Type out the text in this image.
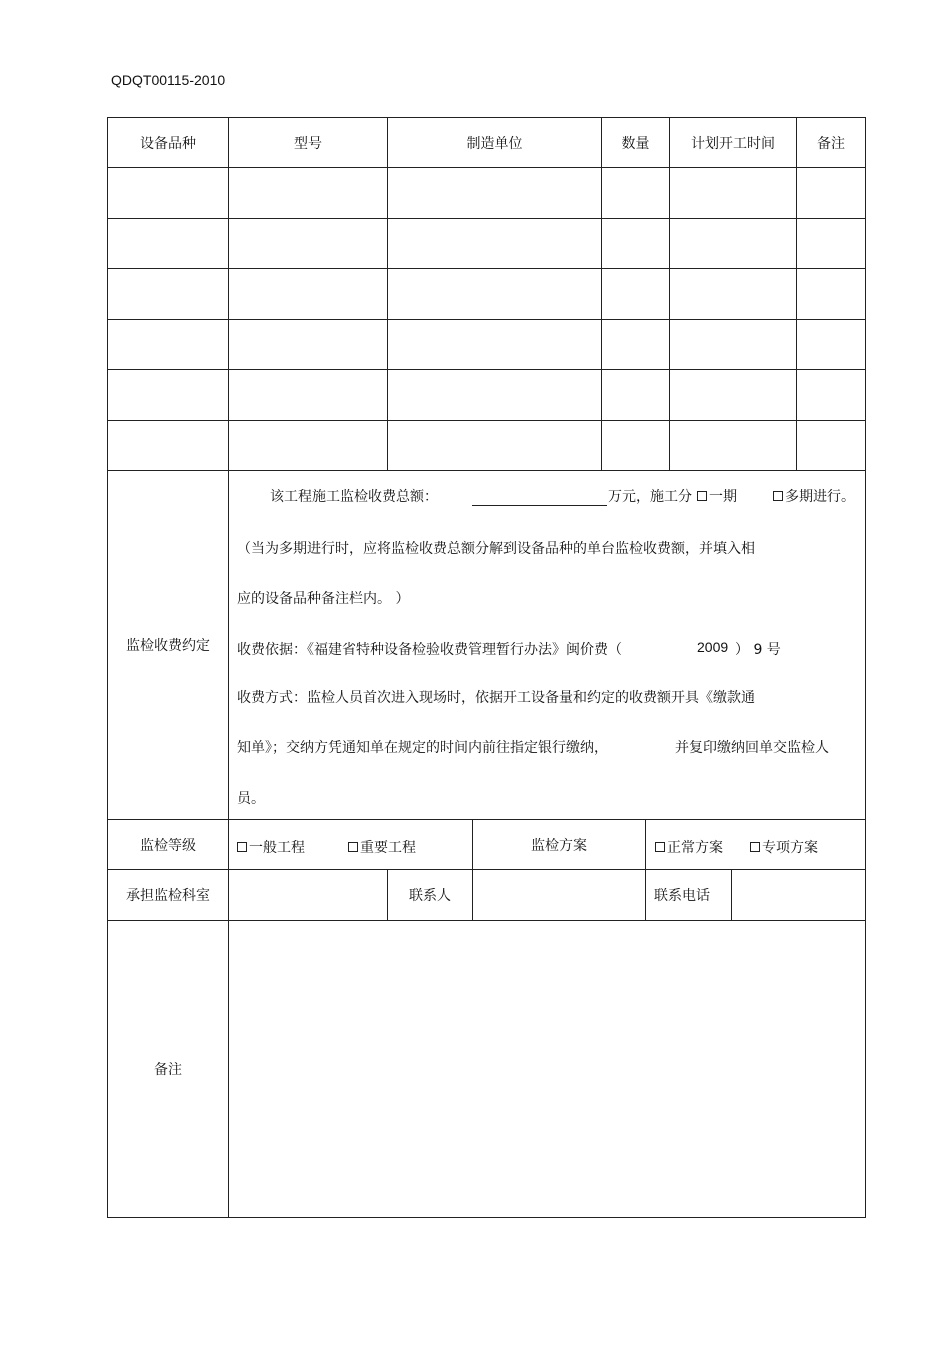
QDQT00115-2010
设备品种	型号	制造单位	数量	计划开工时间	备注
监检收费约定
该工程施工监检收费总额：	万元，施工分 一期	多期进行。
（当为多期进行时，应将监检收费总额分解到设备品种的单台监检收费额，并填入相
应的设备品种备注栏内。 ）
收费依据：《福建省特种设备检验收费管理暂行办法》闽价费（	2009 ） 9 号
收费方式：监检人员首次进入现场时，依据开工设备量和约定的收费额开具《缴款通
知单》；交纳方凭通知单在规定的时间内前往指定银行缴纳，	并复印缴纳回单交监检人
员。
监检等级	一般工程	重要工程	监检方案	正常方案	专项方案
承担监检科室	联系人	联系电话
备注
